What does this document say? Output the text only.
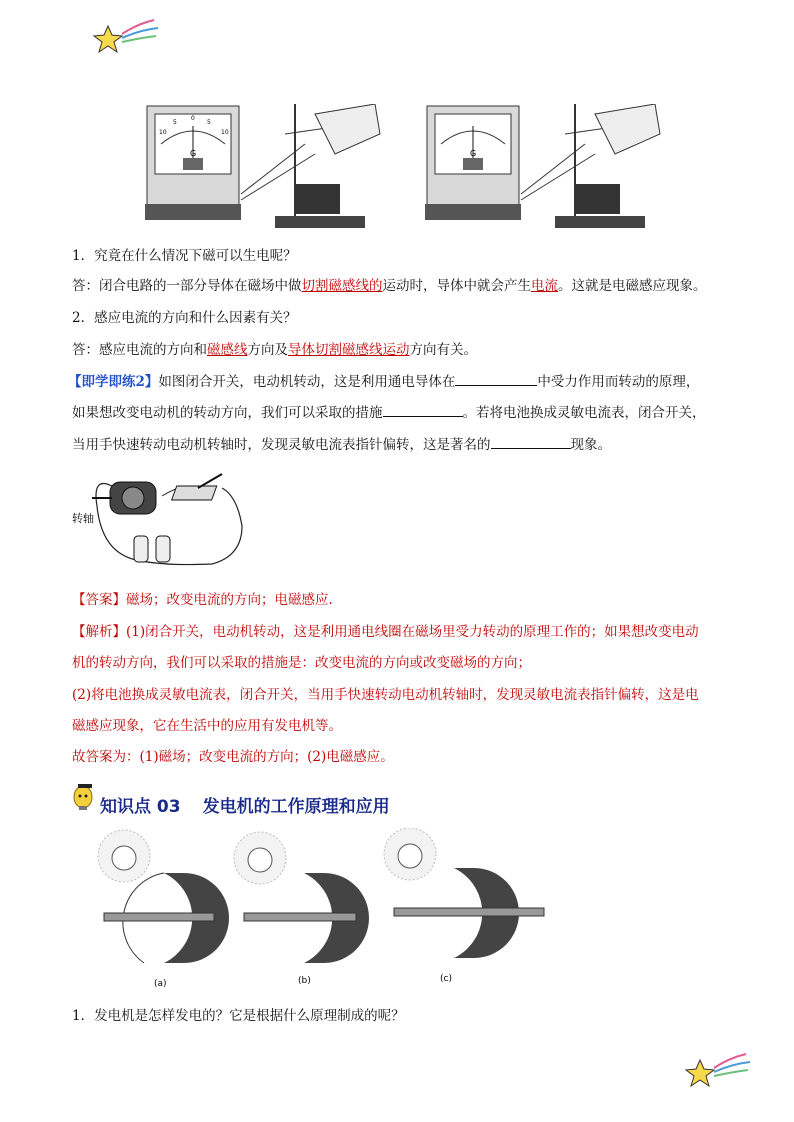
10
5
0
5
10
G	G
1．究竟在什么情况下磁可以生电呢？
答：闭合电路的一部分导体在磁场中做切割磁感线的运动时，导体中就会产生电流。这就是电磁感应现象。
2．感应电流的方向和什么因素有关？
答：感应电流的方向和磁感线方向及导体切割磁感线运动方向有关。
【即学即练2】如图闭合开关，电动机转动，这是利用通电导体在	中受力作用而转动的原理，
如果想改变电动机的转动方向，我们可以采取的措施	。若将电池换成灵敏电流表，闭合开关，
当用手快速转动电动机转轴时，发现灵敏电流表指针偏转，这是著名的	现象。
转轴
【答案】磁场；改变电流的方向；电磁感应.
【解析】(1)闭合开关，电动机转动，这是利用通电线圈在磁场里受力转动的原理工作的；如果想改变电动
机的转动方向，我们可以采取的措施是：改变电流的方向或改变磁场的方向；
(2)将电池换成灵敏电流表，闭合开关，当用手快速转动电动机转轴时，发现灵敏电流表指针偏转，这是电
磁感应现象，它在生活中的应用有发电机等。
故答案为：(1)磁场；改变电流的方向；(2)电磁感应。
知识点 03 发电机的工作原理和应用
S
N
(a)
S
N
(b)
S
N
(c)
1．发电机是怎样发电的？它是根据什么原理制成的呢？
